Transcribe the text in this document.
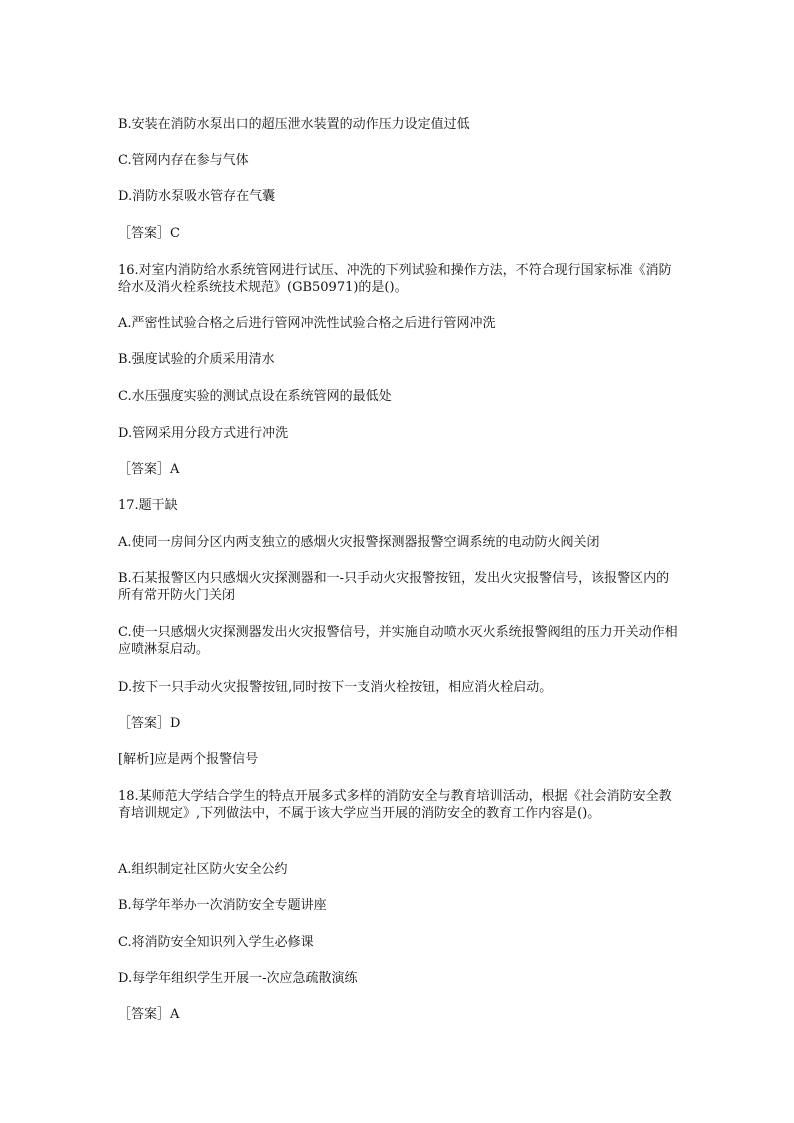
B.安装在消防水泵出口的超压泄水装置的动作压力设定值过低

C.管网内存在参与气体

D.消防水泵吸水管存在气囊

［答案］C

16.对室内消防给水系统管网进行试压、冲洗的下列试验和操作方法，不符合现行国家标准《消防给水及消火栓系统技术规范》(GB50971)的是()。

A.严密性试验合格之后进行管网冲洗性试验合格之后进行管网冲洗

B.强度试验的介质采用清水

C.水压强度实验的测试点设在系统管网的最低处

D.管网采用分段方式进行冲洗

［答案］A

17.题干缺

A.使同一房间分区内两支独立的感烟火灾报警探测器报警空调系统的电动防火阀关闭

B.石某报警区内只感烟火灾探测器和一-只手动火灾报警按钮，发出火灾报警信号，该报警区内的所有常开防火门关闭

C.使一只感烟火灾探测器发出火灾报警信号，并实施自动喷水灭火系统报警阀组的压力开关动作相应喷淋泵启动。

D.按下一只手动火灾报警按钮,同时按下一支消火栓按钮，相应消火栓启动。

［答案］D

[解析]应是两个报警信号

18.某师范大学结合学生的特点开展多式多样的消防安全与教育培训活动，根据《社会消防安全教育培训规定》,下列做法中，不属于该大学应当开展的消防安全的教育工作内容是()。

A.组织制定社区防火安全公约

B.每学年举办一次消防安全专题讲座

C.将消防安全知识列入学生必修课

D.每学年组织学生开展一-次应急疏散演练

［答案］A
